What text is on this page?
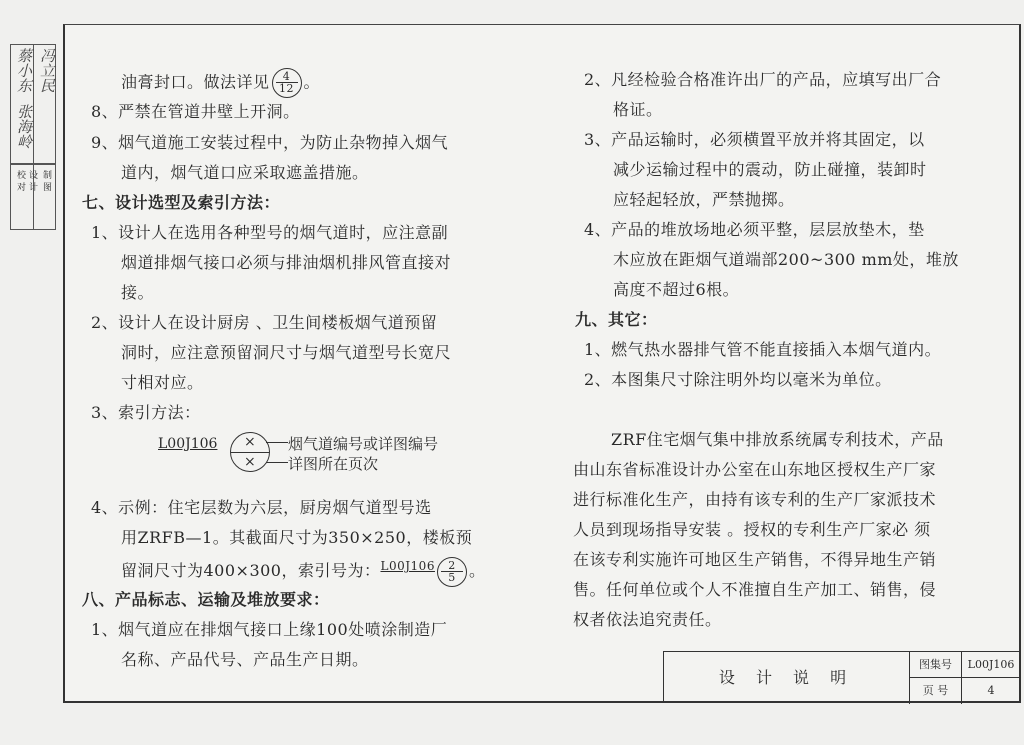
蔡小东
张海岭
冯立民
校 对 设 计 制 图
油膏封口。做法详见 $\frac{4}{12}$ 。
8、严禁在管道井壁上开洞。
9、烟气道施工安装过程中，为防止杂物掉入烟气
道内，烟气道口应采取遮盖措施。
七、设计选型及索引方法：
1、设计人在选用各种型号的烟气道时，应注意副
烟道排烟气接口必须与排油烟机排风管直接对
接。
2、设计人在设计厨房 、卫生间楼板烟气道预留
洞时，应注意预留洞尺寸与烟气道型号长宽尺
寸相对应。
3、索引方法：
L00J106 ×
×
烟气道编号或详图编号
详图所在页次
4、示例：住宅层数为六层，厨房烟气道型号选
用ZRFB—1。其截面尺寸为350×250，楼板预
留洞尺寸为400×300，索引号为：$^{L00J106} \frac{2}{5}$ 。
八、产品标志、运输及堆放要求：
1、烟气道应在排烟气接口上缘100处喷涂制造厂
名称、产品代号、产品生产日期。
2、凡经检验合格准许出厂的产品，应填写出厂合
格证。
3、产品运输时，必须横置平放并将其固定，以
减少运输过程中的震动，防止碰撞，装卸时
应轻起轻放，严禁抛掷。
4、产品的堆放场地必须平整，层层放垫木，垫
木应放在距烟气道端部200~300 mm处，堆放
高度不超过6根。
九、其它：
1、燃气热水器排气管不能直接插入本烟气道内。
2、本图集尺寸除注明外均以毫米为单位。
ZRF住宅烟气集中排放系统属专利技术，产品
由山东省标准设计办公室在山东地区授权生产厂家
进行标准化生产，由持有该专利的生产厂家派技术
人员到现场指导安装 。授权的专利生产厂家必 须
在该专利实施许可地区生产销售，不得异地生产销
售。任何单位或个人不准擅自生产加工、销售，侵
权者依法追究责任。
设 计 说 明
图集号	L00J106
页 号	4
